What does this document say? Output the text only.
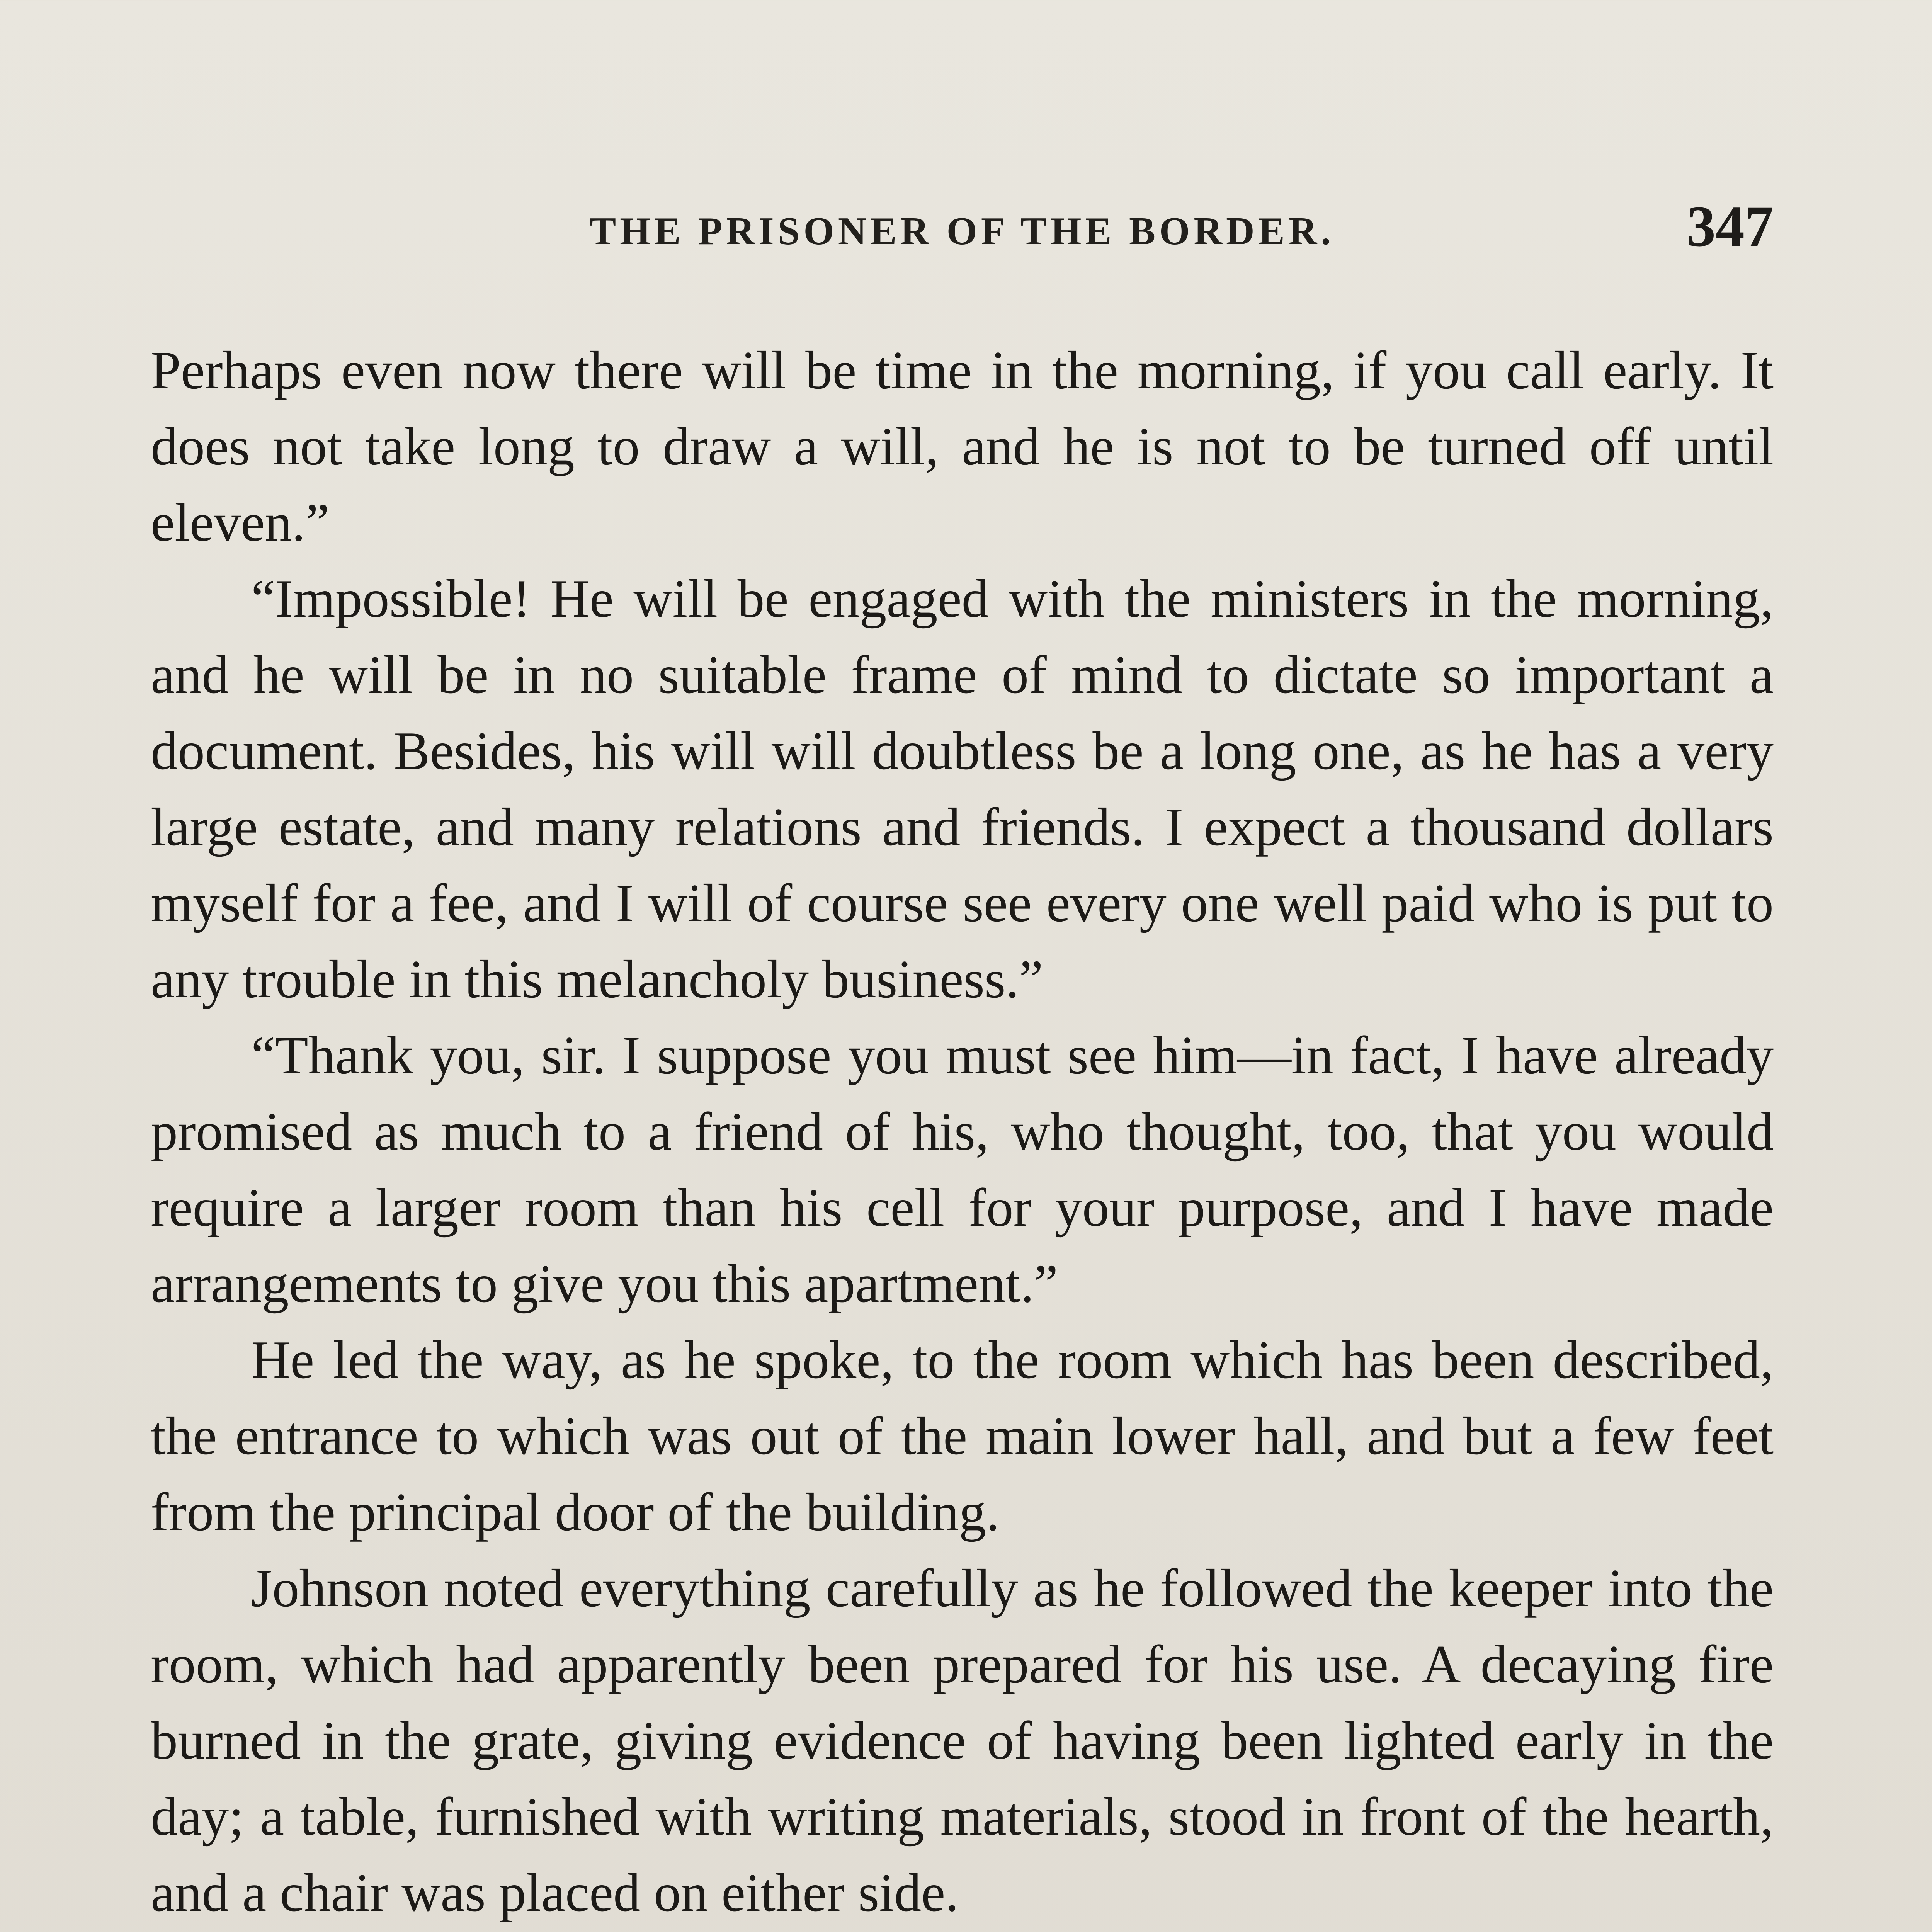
THE PRISONER OF THE BORDER.	347

Perhaps even now there will be time in the morning, if you call early. It does not take long to draw a will, and he is not to be turned off until eleven.”

“Impossible! He will be engaged with the ministers in the morning, and he will be in no suitable frame of mind to dictate so important a document. Besides, his will will doubtless be a long one, as he has a very large estate, and many relations and friends. I expect a thousand dollars myself for a fee, and I will of course see every one well paid who is put to any trouble in this melancholy business.”

“Thank you, sir. I suppose you must see him—in fact, I have already promised as much to a friend of his, who thought, too, that you would require a larger room than his cell for your purpose, and I have made arrangements to give you this apartment.”

He led the way, as he spoke, to the room which has been described, the entrance to which was out of the main lower hall, and but a few feet from the principal door of the building.

Johnson noted everything carefully as he followed the keeper into the room, which had apparently been prepared for his use. A decaying fire burned in the grate, giving evidence of having been lighted early in the day; a table, furnished with writing materials, stood in front of the hearth, and a chair was placed on either side.
